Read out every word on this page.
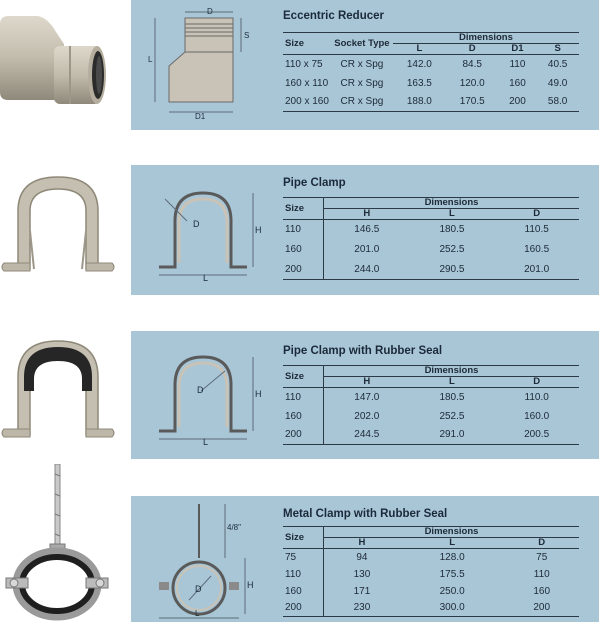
D
S
L
D1
Eccentric Reducer
Size	Socket Type	Dimensions			
		L	D	D1	S
110 x 75	CR x Spg	142.0	84.5	110	40.5
160 x 110	CR x Spg	163.5	120.0	160	49.0
200 x 160	CR x Spg	188.0	170.5	200	58.0
D
H
L
Pipe Clamp
Size	Dimensions		
	H	L	D
110	146.5	180.5	110.5
160	201.0	252.5	160.5
200	244.0	290.5	201.0
D	H
L
Pipe Clamp with Rubber Seal
Size	Dimensions		
	H	L	D
110	147.0	180.5	110.0
160	202.0	252.5	160.0
200	244.5	291.0	200.5
4/8"
D	H
L
Metal Clamp with Rubber Seal
Size	Dimensions		
	H	L	D
75	94	128.0	75
110	130	175.5	110
160	171	250.0	160
200	230	300.0	200
